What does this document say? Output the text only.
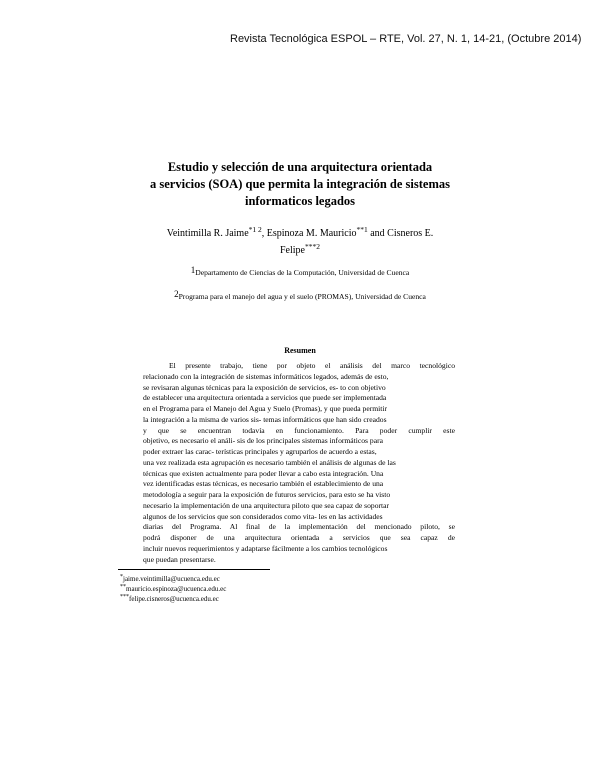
Revista Tecnológica ESPOL – RTE, Vol. 27, N. 1, 14-21, (Octubre 2014)
Estudio y selección de una arquitectura orientada
a servicios (SOA) que permita la integración de sistemas
informaticos legados
Veintimilla R. Jaime$^{*1 2}$, Espinoza M. Mauricio$^{**1}$ and Cisneros E. Felipe$^{***2}$
$^1$Departamento de Ciencias de la Computación, Universidad de Cuenca
$^2$Programa para el manejo del agua y el suelo (PROMAS), Universidad de Cuenca
Resumen
El presente trabajo, tiene por objeto el análisis del marco tecnológico
relacionado con la integración de sistemas informáticos legados, además de esto,
se revisaran algunas técnicas para la exposición de servicios, es- to con objetivo
de establecer una arquitectura orientada a servicios que puede ser implementada
en el Programa para el Manejo del Agua y Suelo (Promas), y que pueda permitir
la integración a la misma de varios sis- temas informáticos que han sido creados
y que se encuentran todavía en funcionamiento. Para poder cumplir este
objetivo, es necesario el análi- sis de los principales sistemas informáticos para
poder extraer las carac- terísticas principales y agruparlos de acuerdo a estas,
una vez realizada esta agrupación es necesario también el análisis de algunas de las
técnicas que existen actualmente para poder llevar a cabo esta integración. Una
vez identificadas estas técnicas, es necesario también el establecimiento de una
metodología a seguir para la exposición de futuros servicios, para esto se ha visto
necesario la implementación de una arquitectura piloto que sea capaz de soportar
algunos de los servicios que son considerados como vita- les en las actividades
diarias del Programa. Al final de la implementación del mencionado piloto, se
podrá disponer de una arquitectura orientada a servicios que sea capaz de
incluir nuevos requerimientos y adaptarse fácilmente a los cambios tecnológicos
que puedan presentarse.
*jaime.veintimilla@ucuenca.edu.ec
**mauricio.espinoza@ucuenca.edu.ec
***felipe.cisneros@ucuenca.edu.ec
